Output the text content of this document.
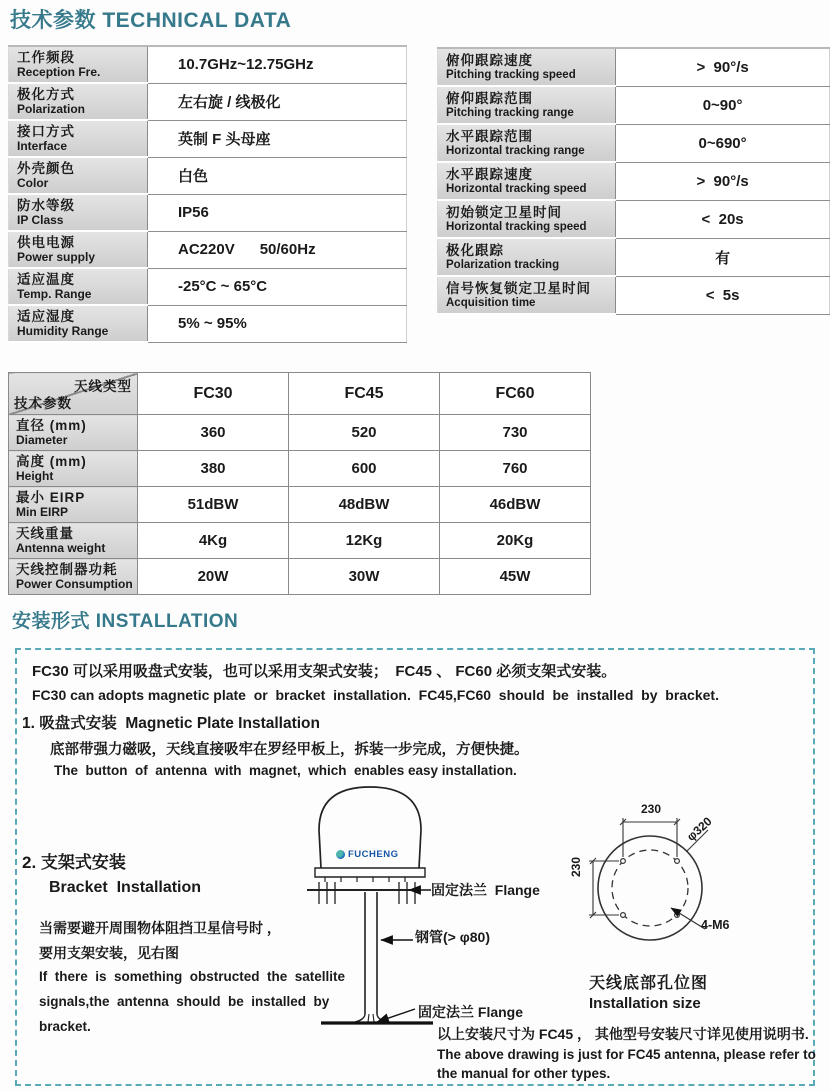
技术参数 TECHNICAL DATA
工作频段
Reception Fre.	10.7GHz~12.75GHz

极化方式
Polarization	左右旋 / 线极化

接口方式
Interface	英制 F 头母座

外壳颜色
Color	白色

防水等级
IP Class	IP56

供电电源
Power supply	AC220V      50/60Hz

适应温度
Temp. Range	-25°C ~ 65°C

适应湿度
Humidity Range	5% ~ 95%
俯仰跟踪速度
Pitching tracking speed	>  90°/s

俯仰跟踪范围
Pitching tracking range	0~90°

水平跟踪范围
Horizontal tracking range	0~690°

水平跟踪速度
Horizontal tracking speed	>  90°/s

初始锁定卫星时间
Horizontal tracking speed	<  20s

极化跟踪
Polarization tracking	有

信号恢复锁定卫星时间
Acquisition time	<  5s
天线类型
技术参数	FC30	FC45	FC60

直径 (mm)
Diameter	360	520	730

高度 (mm)
Height	380	600	760

最小 EIRP
Min EIRP	51dBW	48dBW	46dBW

天线重量
Antenna weight	4Kg	12Kg	20Kg

天线控制器功耗
Power Consumption	20W	30W	45W
安装形式 INSTALLATION

FC30 可以采用吸盘式安装，也可以采用支架式安装；　FC45 、 FC60 必须支架式安装。

FC30 can adopts magnetic plate  or  bracket  installation.  FC45,FC60  should  be  installed  by  bracket.

1. 吸盘式安装  Magnetic Plate Installation

底部带强力磁吸，天线直接吸牢在罗经甲板上，拆装一步完成，方便快捷。

The  button  of  antenna  with  magnet,  which  enables easy installation.

2. 支架式安装

Bracket  Installation

当需要避开周围物体阻挡卫星信号时 ，

要用支架安装，见右图

If  there  is  something  obstructed  the  satellite

signals,the  antenna  should  be  installed  by

bracket.

FUCHENG

固定法兰  Flange

钢管(> φ80)

固定法兰 Flange

230

230

φ320

4-M6

天线底部孔位图

Installation size

以上安装尺寸为 FC45 ， 其他型号安装尺寸详见使用说明书.

The above drawing is just for FC45 antenna, please refer to

the manual for other types.
